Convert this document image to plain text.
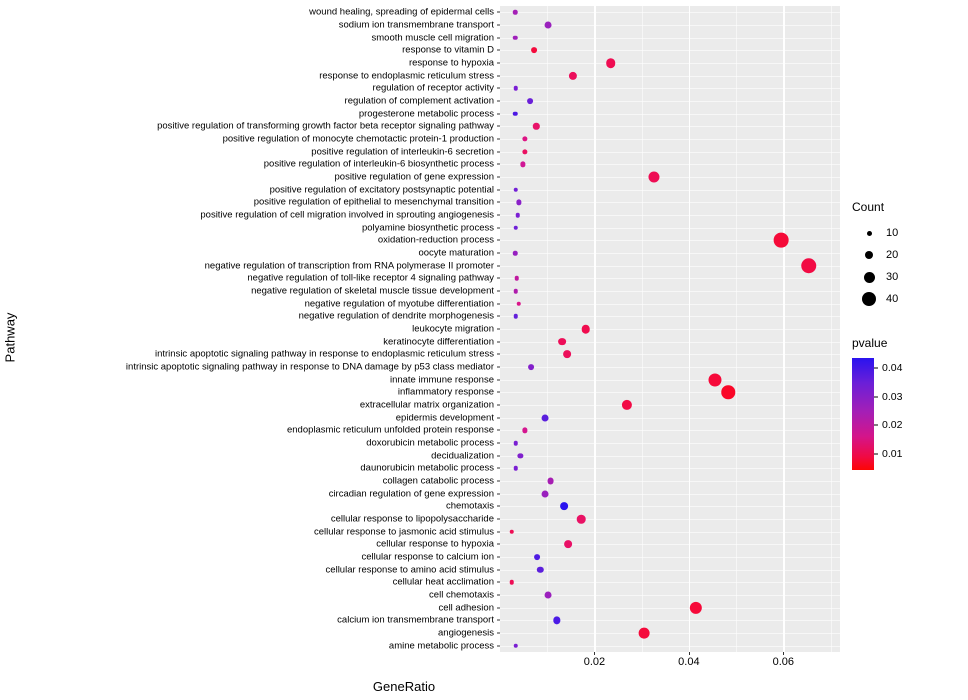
Pathway
wound healing, spreading of epidermal cells
sodium ion transmembrane transport
smooth muscle cell migration
response to vitamin D
response to hypoxia
response to endoplasmic reticulum stress
regulation of receptor activity
regulation of complement activation
progesterone metabolic process
positive regulation of transforming growth factor beta receptor signaling pathway
positive regulation of monocyte chemotactic protein-1 production
positive regulation of interleukin-6 secretion
positive regulation of interleukin-6 biosynthetic process
positive regulation of gene expression
positive regulation of excitatory postsynaptic potential
positive regulation of epithelial to mesenchymal transition
positive regulation of cell migration involved in sprouting angiogenesis
polyamine biosynthetic process
oxidation-reduction process
oocyte maturation
negative regulation of transcription from RNA polymerase II promoter
negative regulation of toll-like receptor 4 signaling pathway
negative regulation of skeletal muscle tissue development
negative regulation of myotube differentiation
negative regulation of dendrite morphogenesis
leukocyte migration
keratinocyte differentiation
intrinsic apoptotic signaling pathway in response to endoplasmic reticulum stress
intrinsic apoptotic signaling pathway in response to DNA damage by p53 class mediator
innate immune response
inflammatory response
extracellular matrix organization
epidermis development
endoplasmic reticulum unfolded protein response
doxorubicin metabolic process
decidualization
daunorubicin metabolic process
collagen catabolic process
circadian regulation of gene expression
chemotaxis
cellular response to lipopolysaccharide
cellular response to jasmonic acid stimulus
cellular response to hypoxia
cellular response to calcium ion
cellular response to amino acid stimulus
cellular heat acclimation
cell chemotaxis
cell adhesion
calcium ion transmembrane transport
angiogenesis
amine metabolic process
GeneRatio
Count
10
20
30
40
pvalue
0.04
0.03
0.02
0.01
0.02	0.04	0.06
